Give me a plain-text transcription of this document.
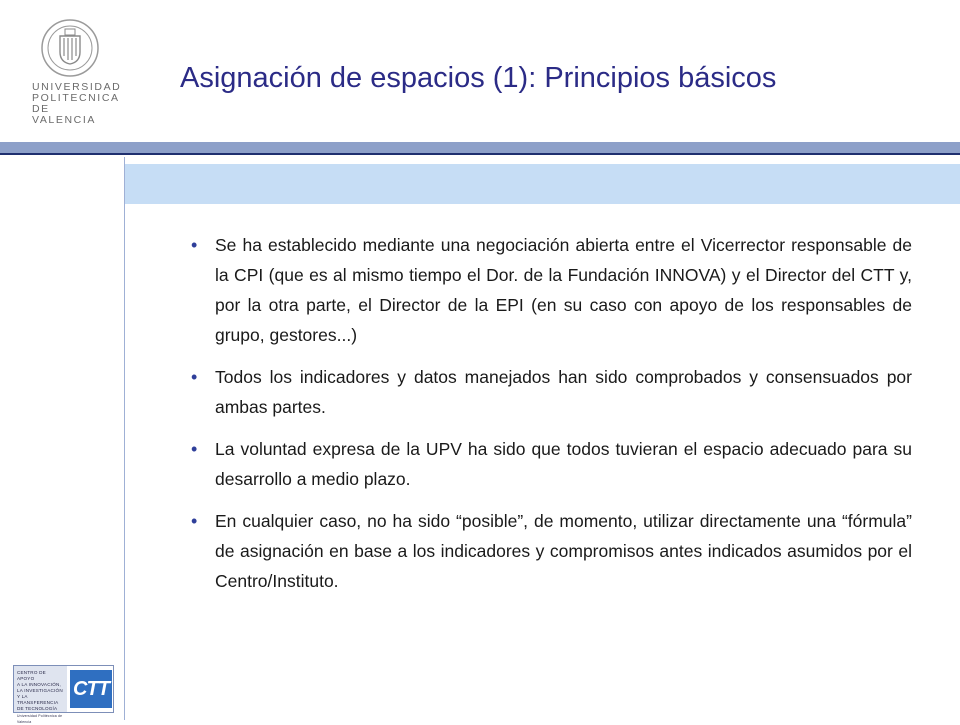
UNIVERSIDAD
POLITECNICA
DE VALENCIA
Asignación de espacios (1): Principios básicos
• Se ha establecido mediante una negociación abierta entre el Vicerrector responsable de la CPI (que es al mismo tiempo el Dor. de la Fundación INNOVA) y el Director del CTT y, por la otra parte, el Director de la EPI (en su caso con apoyo de los responsables de grupo, gestores...)
• Todos los indicadores y datos manejados han sido comprobados y consensuados por ambas partes.
• La voluntad expresa de la UPV ha sido que todos tuvieran el espacio adecuado para su desarrollo a medio plazo.
• En cualquier caso, no ha sido “posible”, de momento, utilizar directamente una “fórmula” de asignación en base a los indicadores y compromisos antes indicados asumidos por el Centro/Instituto.
CENTRO DE APOYO
A LA INNOVACIÓN,
LA INVESTIGACIÓN
Y LA TRANSFERENCIA
DE TECNOLOGÍA
Universidad Politécnica de Valencia
CTT
